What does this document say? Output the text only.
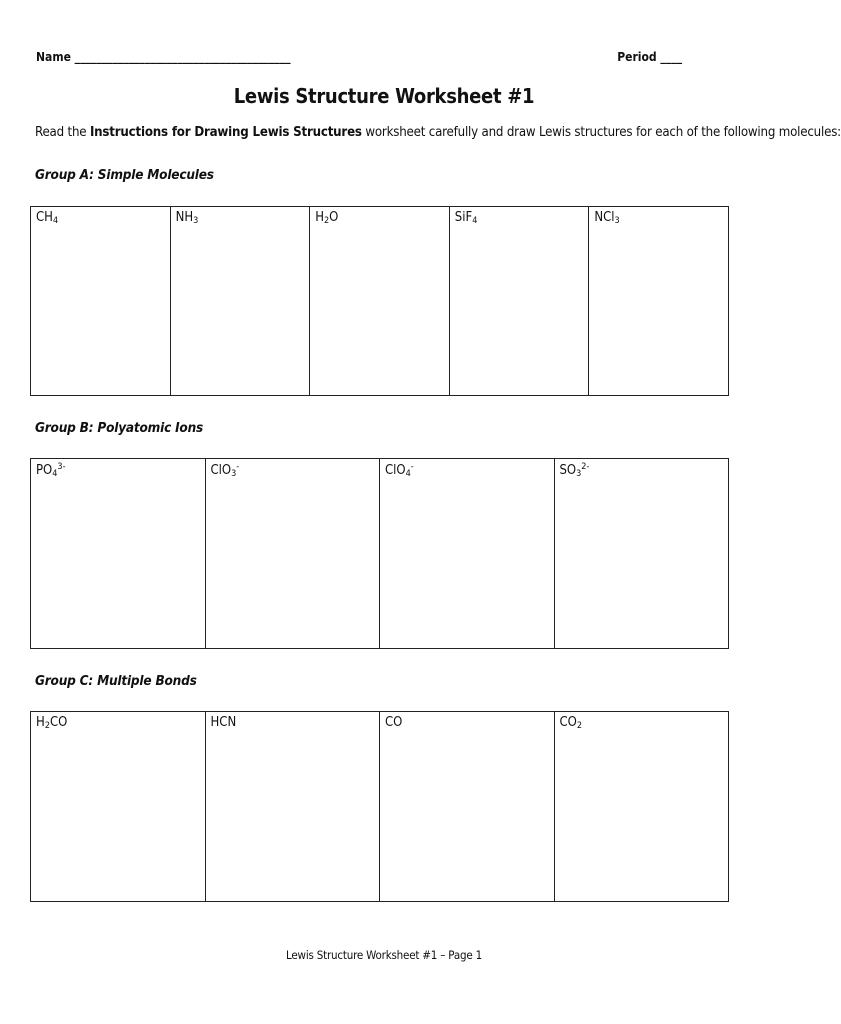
Name ________________________________________	Period ____
Lewis Structure Worksheet #1
Read the Instructions for Drawing Lewis Structures worksheet carefully and draw Lewis structures for each of the following molecules:
Group A: Simple Molecules
$CH_4$	$NH_3$	$H_2O$	SiF$_4$	NCl$_3$
Group B: Polyatomic Ions
$PO_4^{3-}$	ClO$_3$-	ClO$_4$-	$SO_3^{2-}$
Group C: Multiple Bonds
$H_2CO$	HCN	CO	$CO_2$
Lewis Structure Worksheet #1 – Page 1
